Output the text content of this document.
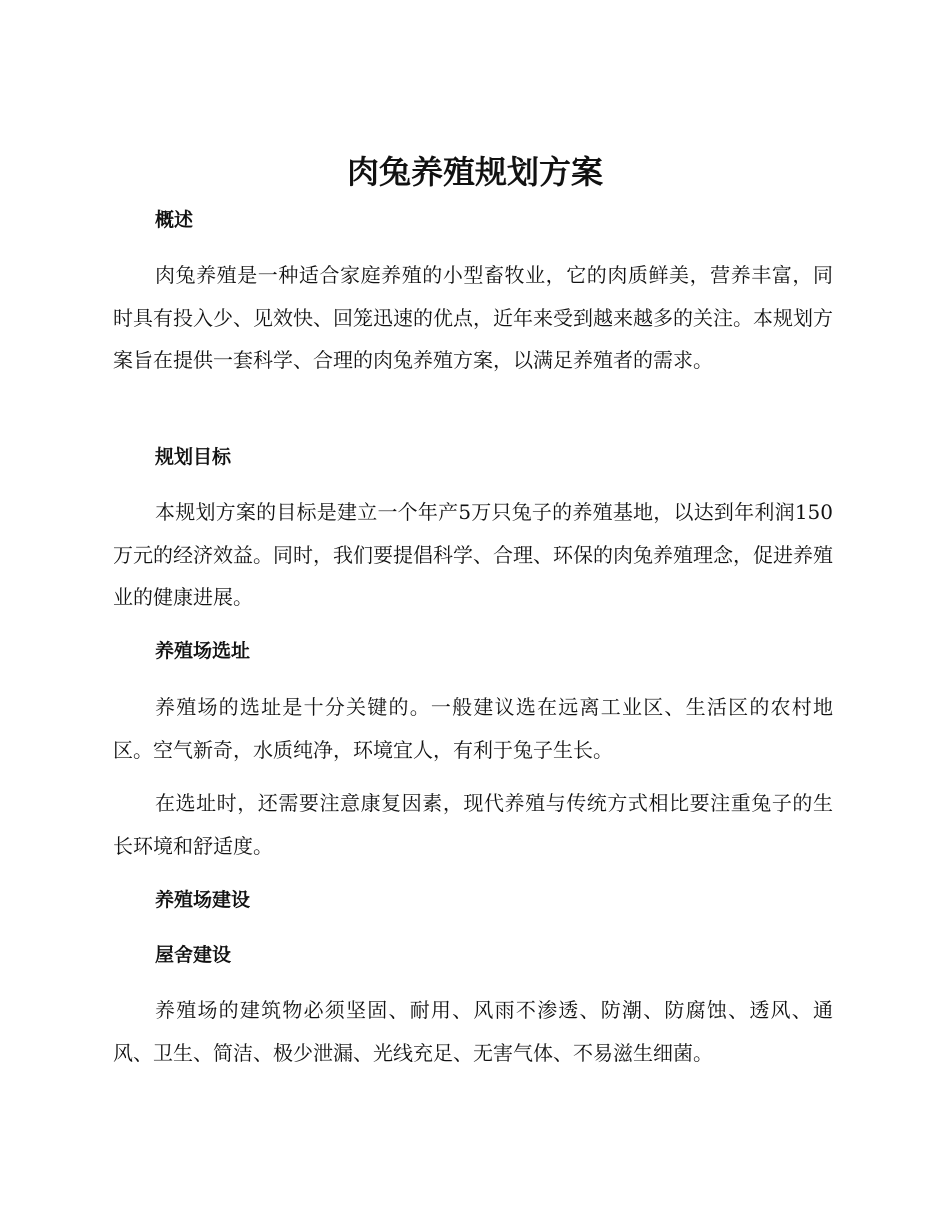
肉兔养殖规划方案
概述

肉兔养殖是一种适合家庭养殖的小型畜牧业，它的肉质鲜美，营养丰富，同时具有投入少、见效快、回笼迅速的优点，近年来受到越来越多的关注。本规划方案旨在提供一套科学、合理的肉兔养殖方案，以满足养殖者的需求。

规划目标

本规划方案的目标是建立一个年产5万只兔子的养殖基地，以达到年利润150万元的经济效益。同时，我们要提倡科学、合理、环保的肉兔养殖理念，促进养殖业的健康进展。

养殖场选址

养殖场的选址是十分关键的。一般建议选在远离工业区、生活区的农村地区。空气新奇，水质纯净，环境宜人，有利于兔子生长。

在选址时，还需要注意康复因素，现代养殖与传统方式相比要注重兔子的生长环境和舒适度。

养殖场建设
屋舍建设

养殖场的建筑物必须坚固、耐用、风雨不渗透、防潮、防腐蚀、透风、通风、卫生、简洁、极少泄漏、光线充足、无害气体、不易滋生细菌。
